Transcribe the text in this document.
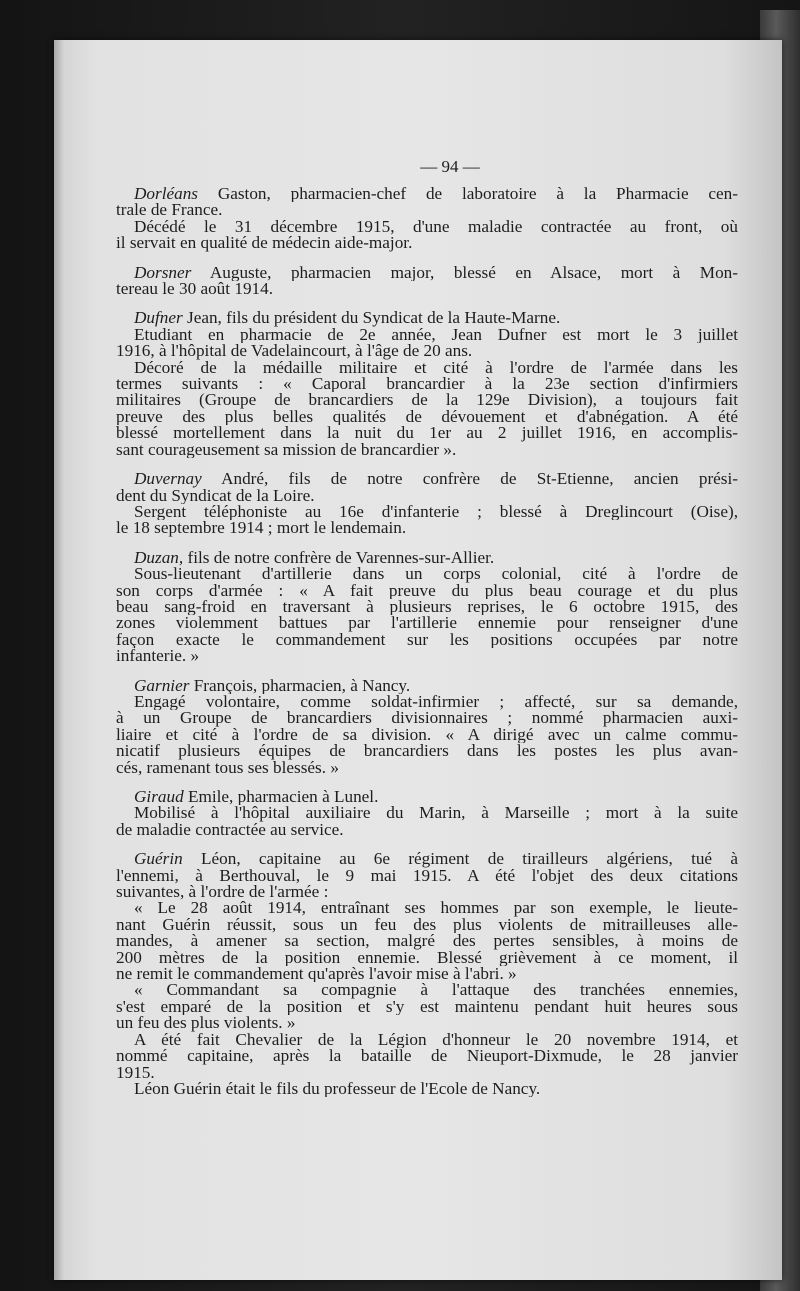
— 94 —
Dorléans Gaston, pharmacien-chef de laboratoire à la Pharmacie cen-
trale de France.
Décédé le 31 décembre 1915, d'une maladie contractée au front, où
il servait en qualité de médecin aide-major.
Dorsner Auguste, pharmacien major, blessé en Alsace, mort à Mon-
tereau le 30 août 1914.
Dufner Jean, fils du président du Syndicat de la Haute-Marne.
Etudiant en pharmacie de 2e année, Jean Dufner est mort le 3 juillet
1916, à l'hôpital de Vadelaincourt, à l'âge de 20 ans.
Décoré de la médaille militaire et cité à l'ordre de l'armée dans les
termes suivants : « Caporal brancardier à la 23e section d'infirmiers
militaires (Groupe de brancardiers de la 129e Division), a toujours fait
preuve des plus belles qualités de dévouement et d'abnégation. A été
blessé mortellement dans la nuit du 1er au 2 juillet 1916, en accomplis-
sant courageusement sa mission de brancardier ».
Duvernay André, fils de notre confrère de St-Etienne, ancien prési-
dent du Syndicat de la Loire.
Sergent téléphoniste au 16e d'infanterie ; blessé à Dreglincourt (Oise),
le 18 septembre 1914 ; mort le lendemain.
Duzan, fils de notre confrère de Varennes-sur-Allier.
Sous-lieutenant d'artillerie dans un corps colonial, cité à l'ordre de
son corps d'armée : « A fait preuve du plus beau courage et du plus
beau sang-froid en traversant à plusieurs reprises, le 6 octobre 1915, des
zones violemment battues par l'artillerie ennemie pour renseigner d'une
façon exacte le commandement sur les positions occupées par notre
infanterie. »
Garnier François, pharmacien, à Nancy.
Engagé volontaire, comme soldat-infirmier ; affecté, sur sa demande,
à un Groupe de brancardiers divisionnaires ; nommé pharmacien auxi-
liaire et cité à l'ordre de sa division. « A dirigé avec un calme commu-
nicatif plusieurs équipes de brancardiers dans les postes les plus avan-
cés, ramenant tous ses blessés. »
Giraud Emile, pharmacien à Lunel.
Mobilisé à l'hôpital auxiliaire du Marin, à Marseille ; mort à la suite
de maladie contractée au service.
Guérin Léon, capitaine au 6e régiment de tirailleurs algériens, tué à
l'ennemi, à Berthouval, le 9 mai 1915. A été l'objet des deux citations
suivantes, à l'ordre de l'armée :
« Le 28 août 1914, entraînant ses hommes par son exemple, le lieute-
nant Guérin réussit, sous un feu des plus violents de mitrailleuses alle-
mandes, à amener sa section, malgré des pertes sensibles, à moins de
200 mètres de la position ennemie. Blessé grièvement à ce moment, il
ne remit le commandement qu'après l'avoir mise à l'abri. »
« Commandant sa compagnie à l'attaque des tranchées ennemies,
s'est emparé de la position et s'y est maintenu pendant huit heures sous
un feu des plus violents. »
A été fait Chevalier de la Légion d'honneur le 20 novembre 1914, et
nommé capitaine, après la bataille de Nieuport-Dixmude, le 28 janvier
1915.
Léon Guérin était le fils du professeur de l'Ecole de Nancy.
